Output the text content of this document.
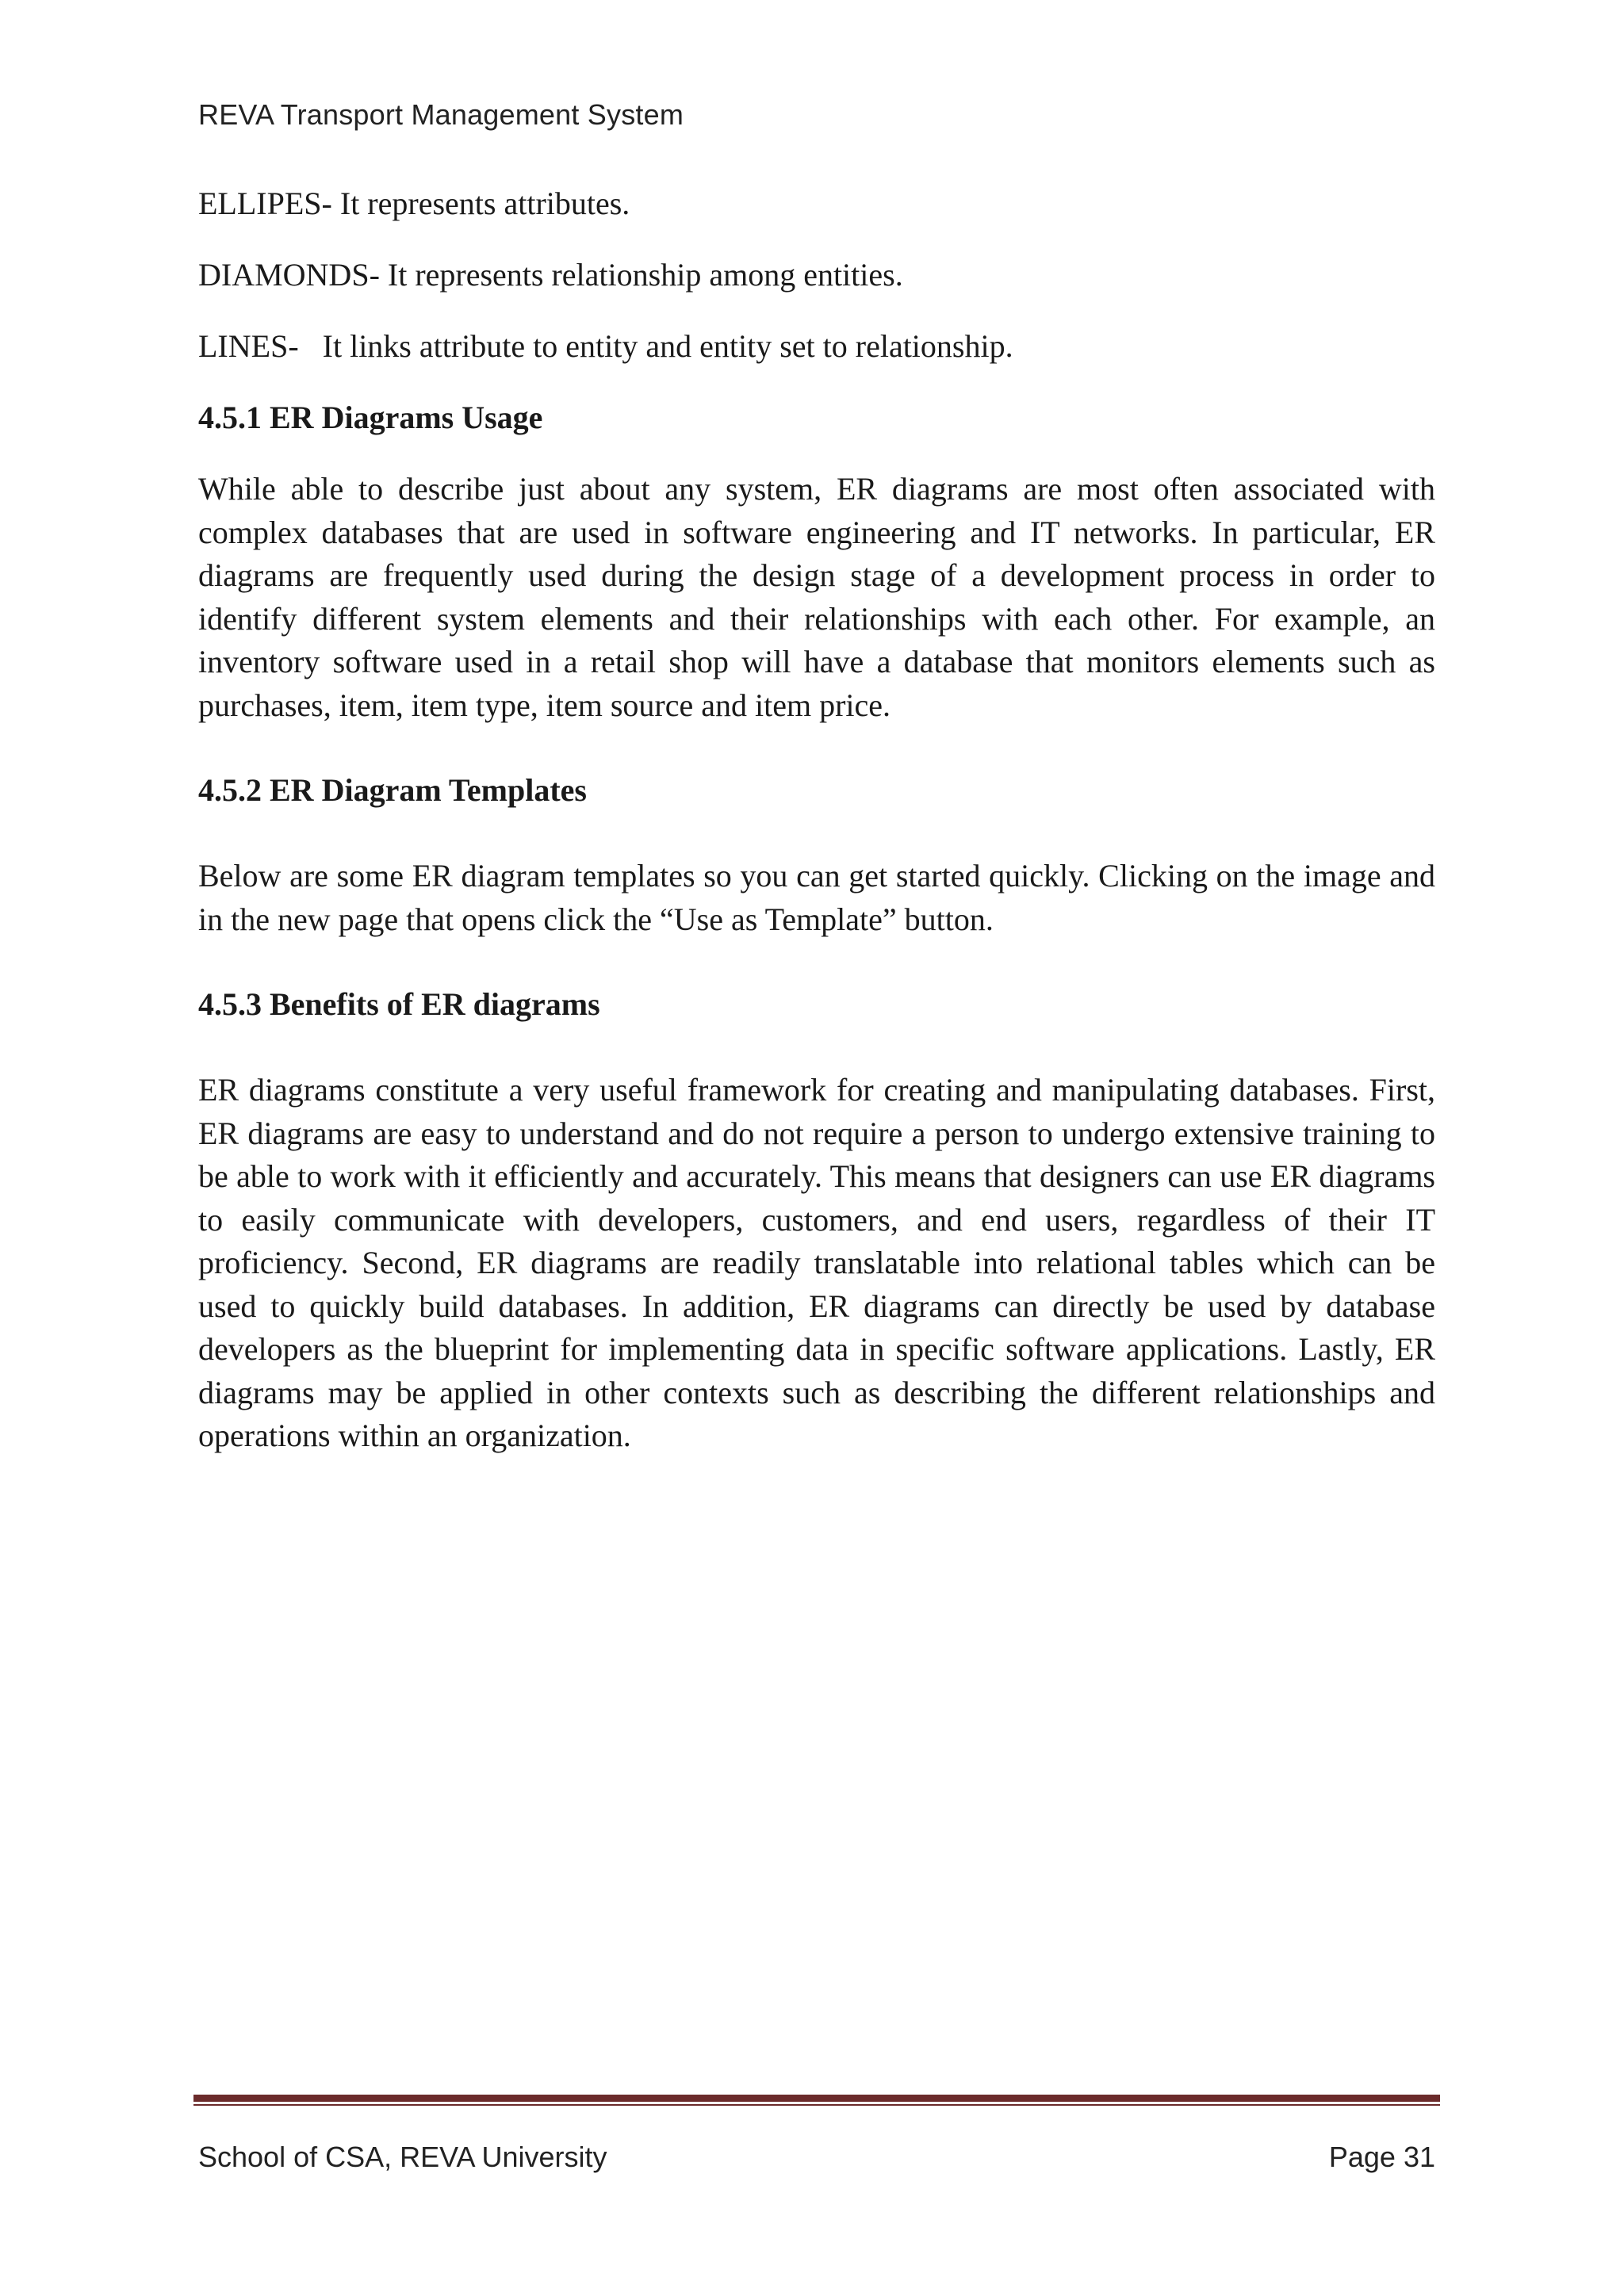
REVA Transport Management System

ELLIPES- It represents attributes.

DIAMONDS- It represents relationship among entities.

LINES-   It links attribute to entity and entity set to relationship.

4.5.1 ER Diagrams Usage

While able to describe just about any system, ER diagrams are most often associated with complex databases that are used in software engineering and IT networks. In particular, ER diagrams are frequently used during the design stage of a development process in order to identify different system elements and their relationships with each other. For example, an inventory software used in a retail shop will have a database that monitors elements such as purchases, item, item type, item source and item price.

4.5.2 ER Diagram Templates

Below are some ER diagram templates so you can get started quickly. Clicking on the image and in the new page that opens click the “Use as Template” button.

4.5.3 Benefits of ER diagrams

ER diagrams constitute a very useful framework for creating and manipulating databases. First, ER diagrams are easy to understand and do not require a person to undergo extensive training to be able to work with it efficiently and accurately. This means that designers can use ER diagrams to easily communicate with developers, customers, and end users, regardless of their IT proficiency. Second, ER diagrams are readily translatable into relational tables which can be used to quickly build databases. In addition, ER diagrams can directly be used by database developers as the blueprint for implementing data in specific software applications. Lastly, ER diagrams may be applied in other contexts such as describing the different relationships and operations within an organization.

School of CSA, REVA University	Page 31
